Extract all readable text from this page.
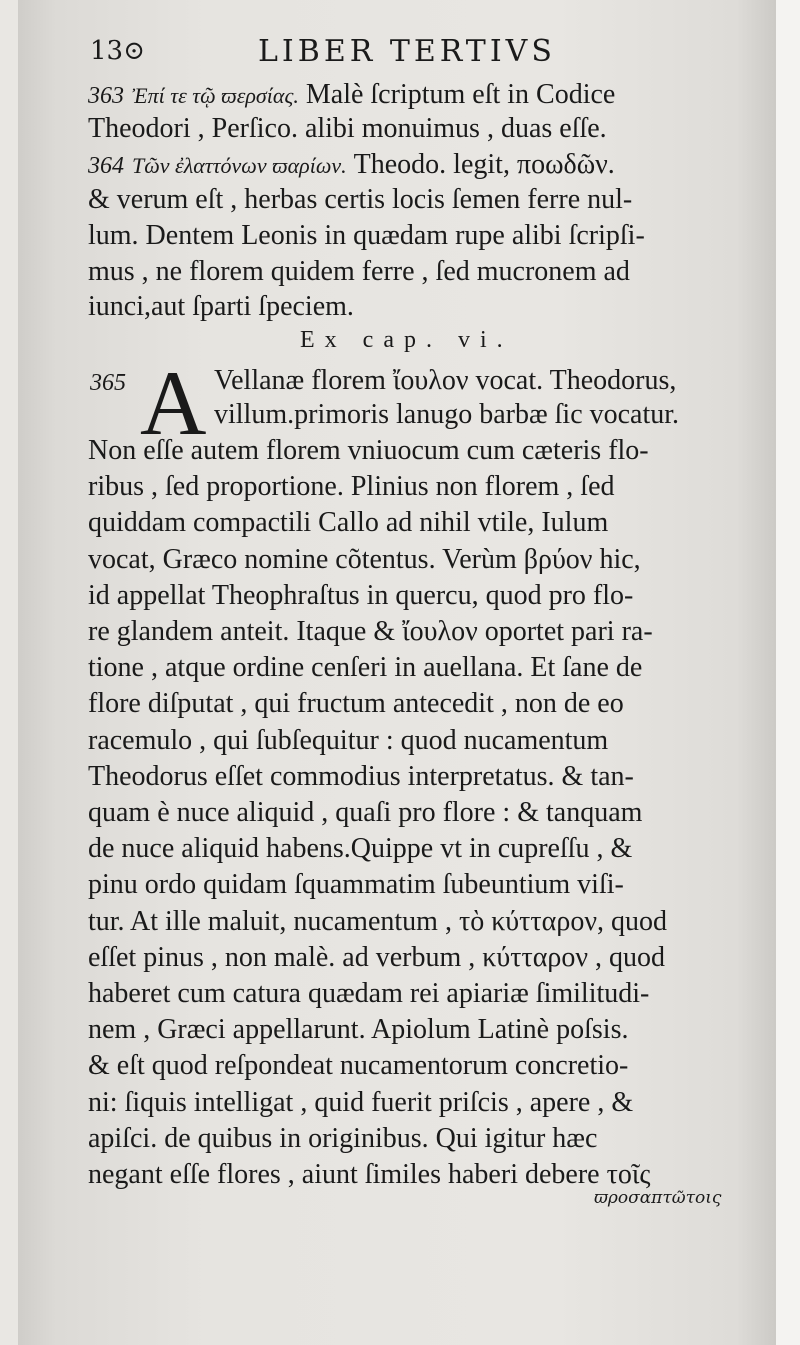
13⊙	LIBER TERTIVS
363 Ἐπί τε τῷ ϖερσίας. Malè ſcriptum eſt in Codice
Theodori , Perſico. alibi monuimus , duas eſſe.
364 Τῶν ἐλαττόνων ϖαρίων. Theodo. legit, ποωδῶν.
& verum eſt , herbas certis locis ſemen ferre nul-
lum. Dentem Leonis in quædam rupe alibi ſcripſi-
mus , ne florem quidem ferre , ſed mucronem ad
iunci,aut ſparti ſpeciem.
Ex cap. vi.
365 A Vellanæ florem ἴουλον vocat. Theodorus,
villum.primoris lanugo barbæ ſic vocatur.
Non eſſe autem florem vniuocum cum cæteris flo-
ribus , ſed proportione. Plinius non florem , ſed
quiddam compactili Callo ad nihil vtile, Iulum
vocat, Græco nomine cõtentus. Verùm βρύον hic,
id appellat Theophraſtus in quercu, quod pro flo-
re glandem anteit. Itaque & ἴουλον oportet pari ra-
tione , atque ordine cenſeri in auellana. Et ſane de
flore diſputat , qui fructum antecedit , non de eo
racemulo , qui ſubſequitur : quod nucamentum
Theodorus eſſet commodius interpretatus. & tan-
quam è nuce aliquid , quaſi pro flore : & tanquam
de nuce aliquid habens.Quippe vt in cupreſſu , &
pinu ordo quidam ſquammatim ſubeuntium viſi-
tur. At ille maluit, nucamentum , τὸ κύτταρον, quod
eſſet pinus , non malè. ad verbum , κύτταρον , quod
haberet cum catura quædam rei apiariæ ſimilitudi-
nem , Græci appellarunt. Apiolum Latinè poſsis.
& eſt quod reſpondeat nucamentorum concretio-
ni: ſiquis intelligat , quid fuerit priſcis , apere , &
apiſci. de quibus in originibus. Qui igitur hæc
negant eſſe flores , aiunt ſimiles haberi debere τοῖς
ϖροσαπτῶτοις
